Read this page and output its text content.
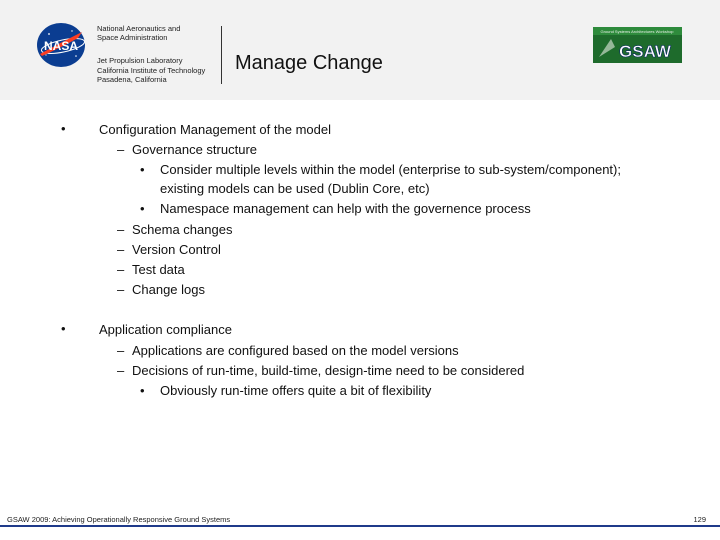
NASA
National Aeronautics and
Space Administration
Jet Propulsion Laboratory
California Institute of Technology
Pasadena, California
Manage Change
Ground Systems Architectures Workshop
GSAW
•	Configuration Management of the model
– Governance structure
• Consider multiple levels within the model (enterprise to sub-system/component);
existing models can be used (Dublin Core, etc)
• Namespace management can help with the governence process
– Schema changes
– Version Control
– Test data
– Change logs
•	Application compliance
– Applications are configured based on the model versions
– Decisions of run-time, build-time, design-time need to be considered
• Obviously run-time offers quite a bit of flexibility
GSAW 2009: Achieving Operationally Responsive Ground Systems	129
